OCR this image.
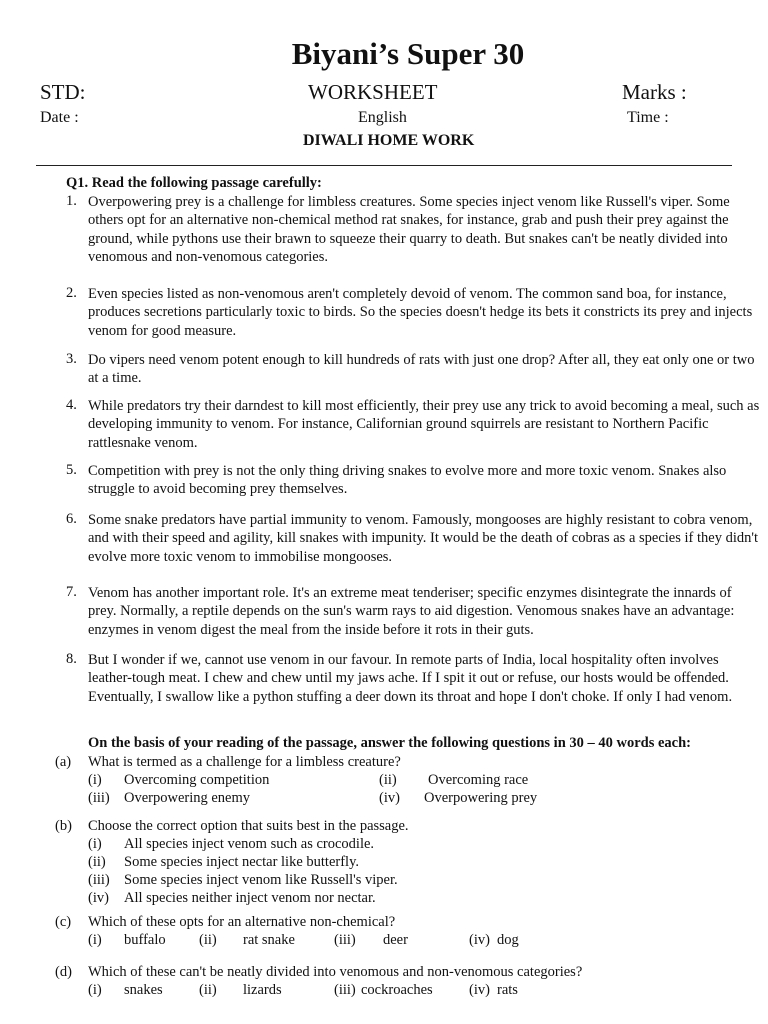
Biyani’s Super 30
STD:	WORKSHEET	Marks :
Date :	English	Time :
DIWALI HOME WORK
Q1. Read the following passage carefully:
1. Overpowering prey is a challenge for limbless creatures. Some species inject venom like Russell's viper. Some others opt for an alternative non-chemical method rat snakes, for instance, grab and push their prey against the ground, while pythons use their brawn to squeeze their quarry to death. But snakes can't be neatly divided into venomous and non-venomous categories.
2. Even species listed as non-venomous aren't completely devoid of venom. The common sand boa, for instance, produces secretions particularly toxic to birds. So the species doesn't hedge its bets it constricts its prey and injects venom for good measure.
3. Do vipers need venom potent enough to kill hundreds of rats with just one drop? After all, they eat only one or two at a time.
4. While predators try their darndest to kill most efficiently, their prey use any trick to avoid becoming a meal, such as developing immunity to venom. For instance, Californian ground squirrels are resistant to Northern Pacific rattlesnake venom.
5. Competition with prey is not the only thing driving snakes to evolve more and more toxic venom. Snakes also struggle to avoid becoming prey themselves.
6. Some snake predators have partial immunity to venom. Famously, mongooses are highly resistant to cobra venom, and with their speed and agility, kill snakes with impunity. It would be the death of cobras as a species if they didn't evolve more toxic venom to immobilise mongooses.
7. Venom has another important role. It's an extreme meat tenderiser; specific enzymes disintegrate the innards of prey. Normally, a reptile depends on the sun's warm rays to aid digestion. Venomous snakes have an advantage: enzymes in venom digest the meal from the inside before it rots in their guts.
8. But I wonder if we, cannot use venom in our favour. In remote parts of India, local hospitality often involves leather-tough meat. I chew and chew until my jaws ache. If I spit it out or refuse, our hosts would be offended. Eventually, I swallow like a python stuffing a deer down its throat and hope I don't choke. If only I had venom.
On the basis of your reading of the passage, answer the following questions in 30 – 40 words each:
(a) What is termed as a challenge for a limbless creature?
(i) Overcoming competition	(ii) Overcoming race
(iii) Overpowering enemy	(iv) Overpowering prey
(b) Choose the correct option that suits best in the passage.
(i) All species inject venom such as crocodile.
(ii) Some species inject nectar like butterfly.
(iii) Some species inject venom like Russell's viper.
(iv) All species neither inject venom nor nectar.
(c) Which of these opts for an alternative non-chemical?
(i) buffalo (ii) rat snake	(iii) deer	(iv) dog
(d) Which of these can't be neatly divided into venomous and non-venomous categories?
(i) snakes	(ii) lizards	(iii) cockroaches	(iv) rats
